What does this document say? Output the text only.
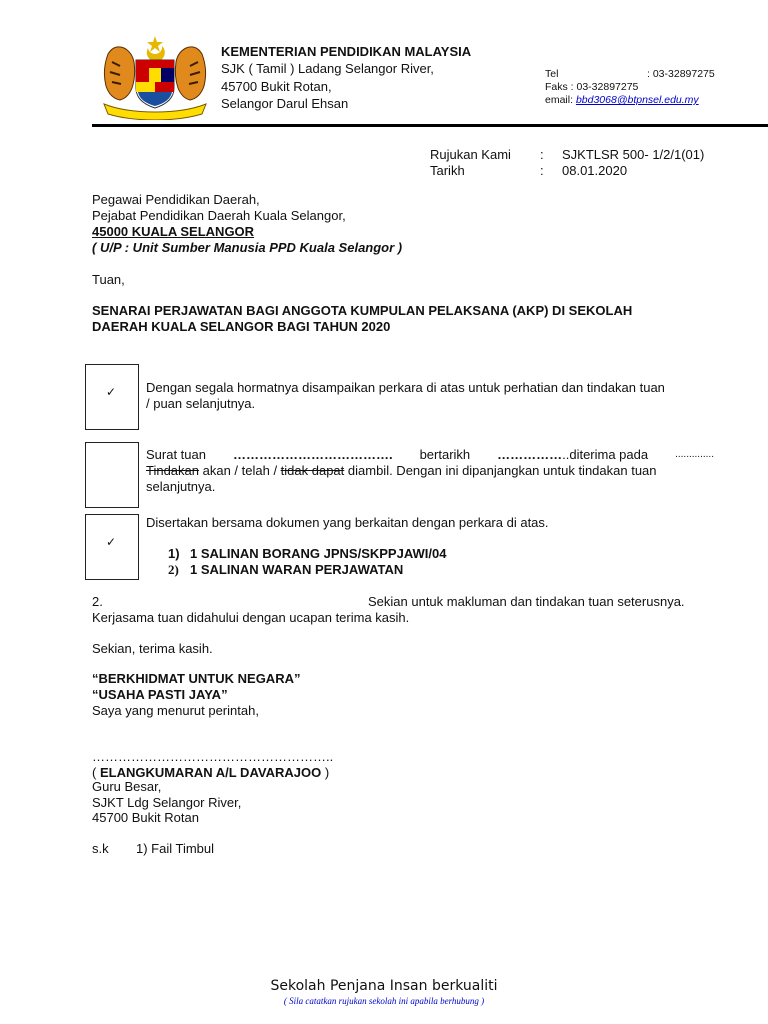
KEMENTERIAN PENDIDIKAN MALAYSIA
SJK ( Tamil ) Ladang Selangor River,
45700 Bukit Rotan,
Selangor Darul Ehsan
Tel	: 03-32897275
Faks : 03-32897275
email: bbd3068@btpnsel.edu.my
Rujukan Kami : SJKTLSR 500- 1/2/1(01)
Tarikh	: 08.01.2020
Pegawai Pendidikan Daerah,
Pejabat Pendidikan Daerah Kuala Selangor,
45000 KUALA SELANGOR
( U/P : Unit Sumber Manusia PPD Kuala Selangor )
Tuan,
SENARAI PERJAWATAN BAGI ANGGOTA KUMPULAN PELAKSANA (AKP) DI SEKOLAH
DAERAH KUALA SELANGOR BAGI TAHUN 2020
✓ Dengan segala hormatnya disampaikan perkara di atas untuk perhatian dan tindakan tuan
/ puan selanjutnya.
Surat tuan ………………………………. bertarikh ……………..diterima pada	..............
Tindakan akan / telah / tidak dapat diambil. Dengan ini dipanjangkan untuk tindakan tuan
selanjutnya.
✓
Disertakan bersama dokumen yang berkaitan dengan perkara di atas.
1) 1 SALINAN BORANG JPNS/SKPPJAWI/04
2) 1 SALINAN WARAN PERJAWATAN
2.	Sekian untuk makluman dan tindakan tuan seterusnya.
Kerjasama tuan didahului dengan ucapan terima kasih.
Sekian, terima kasih.
“BERKHIDMAT UNTUK NEGARA”
“USAHA PASTI JAYA”
Saya yang menurut perintah,
………………………………………………..
( ELANGKUMARAN A/L DAVARAJOO )
Guru Besar,
SJKT Ldg Selangor River,
45700 Bukit Rotan
s.k	1) Fail Timbul
Sekolah Penjana Insan berkualiti
( Sila catatkan rujukan sekolah ini apabila berhubung )
